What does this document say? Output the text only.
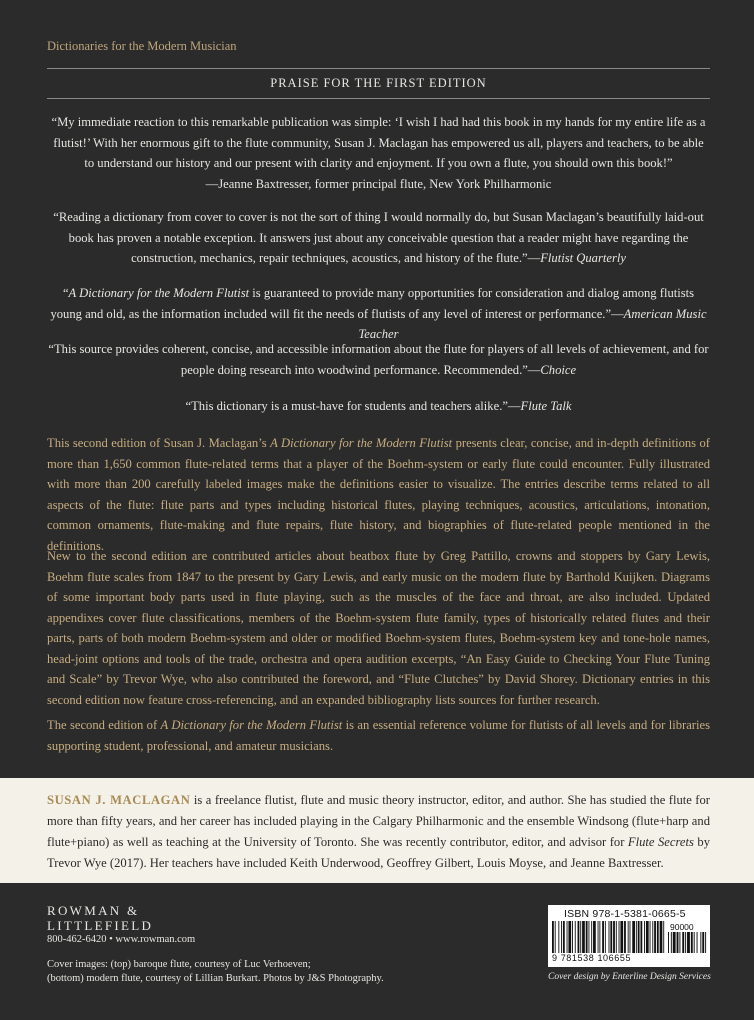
Dictionaries for the Modern Musician
PRAISE FOR THE FIRST EDITION
“My immediate reaction to this remarkable publication was simple: ‘I wish I had had this book in my hands for my entire life as a flutist!’ With her enormous gift to the flute community, Susan J. Maclagan has empowered us all, players and teachers, to be able to understand our history and our present with clarity and enjoyment. If you own a flute, you should own this book!”
—Jeanne Baxtresser, former principal flute, New York Philharmonic
“Reading a dictionary from cover to cover is not the sort of thing I would normally do, but Susan Maclagan’s beautifully laid-out book has proven a notable exception. It answers just about any conceivable question that a reader might have regarding the construction, mechanics, repair techniques, acoustics, and history of the flute.”—Flutist Quarterly
“A Dictionary for the Modern Flutist is guaranteed to provide many opportunities for consideration and dialog among flutists young and old, as the information included will fit the needs of flutists of any level of interest or performance.”—American Music Teacher
“This source provides coherent, concise, and accessible information about the flute for players of all levels of achievement, and for people doing research into woodwind performance. Recommended.”—Choice
“This dictionary is a must-have for students and teachers alike.”—Flute Talk
This second edition of Susan J. Maclagan’s A Dictionary for the Modern Flutist presents clear, concise, and in-depth definitions of more than 1,650 common flute-related terms that a player of the Boehm-system or early flute could encounter. Fully illustrated with more than 200 carefully labeled images make the definitions easier to visualize. The entries describe terms related to all aspects of the flute: flute parts and types including historical flutes, playing techniques, acoustics, articulations, intonation, common ornaments, flute-making and flute repairs, flute history, and biographies of flute-related people mentioned in the definitions.
New to the second edition are contributed articles about beatbox flute by Greg Pattillo, crowns and stoppers by Gary Lewis, Boehm flute scales from 1847 to the present by Gary Lewis, and early music on the modern flute by Barthold Kuijken. Diagrams of some important body parts used in flute playing, such as the muscles of the face and throat, are also included. Updated appendixes cover flute classifications, members of the Boehm-system flute family, types of historically related flutes and their parts, parts of both modern Boehm-system and older or modified Boehm-system flutes, Boehm-system key and tone-hole names, head-joint options and tools of the trade, orchestra and opera audition excerpts, “An Easy Guide to Checking Your Flute Tuning and Scale” by Trevor Wye, who also contributed the foreword, and “Flute Clutches” by David Shorey. Dictionary entries in this second edition now feature cross-referencing, and an expanded bibliography lists sources for further research.
The second edition of A Dictionary for the Modern Flutist is an essential reference volume for flutists of all levels and for libraries supporting student, professional, and amateur musicians.
SUSAN J. MACLAGAN is a freelance flutist, flute and music theory instructor, editor, and author. She has studied the flute for more than fifty years, and her career has included playing in the Calgary Philharmonic and the ensemble Windsong (flute+harp and flute+piano) as well as teaching at the University of Toronto. She was recently contributor, editor, and advisor for Flute Secrets by Trevor Wye (2017). Her teachers have included Keith Underwood, Geoffrey Gilbert, Louis Moyse, and Jeanne Baxtresser.
ROWMAN &
LITTLEFIELD
800-462-6420 • www.rowman.com
Cover images: (top) baroque flute, courtesy of Luc Verhoeven;
(bottom) modern flute, courtesy of Lillian Burkart. Photos by J&S Photography.
ISBN 978-1-5381-0665-5
90000
9 781538 106655
Cover design by Enterline Design Services
